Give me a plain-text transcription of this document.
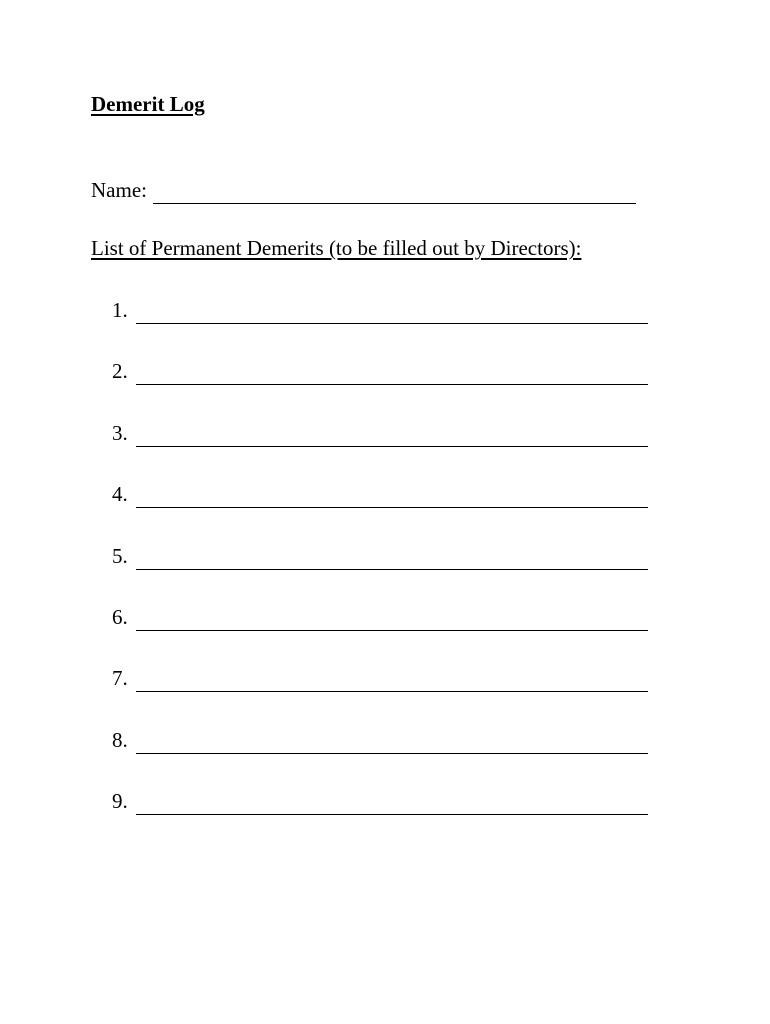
Demerit Log
Name:
List of Permanent Demerits (to be filled out by Directors):
1.
2.
3.
4.
5.
6.
7.
8.
9.
